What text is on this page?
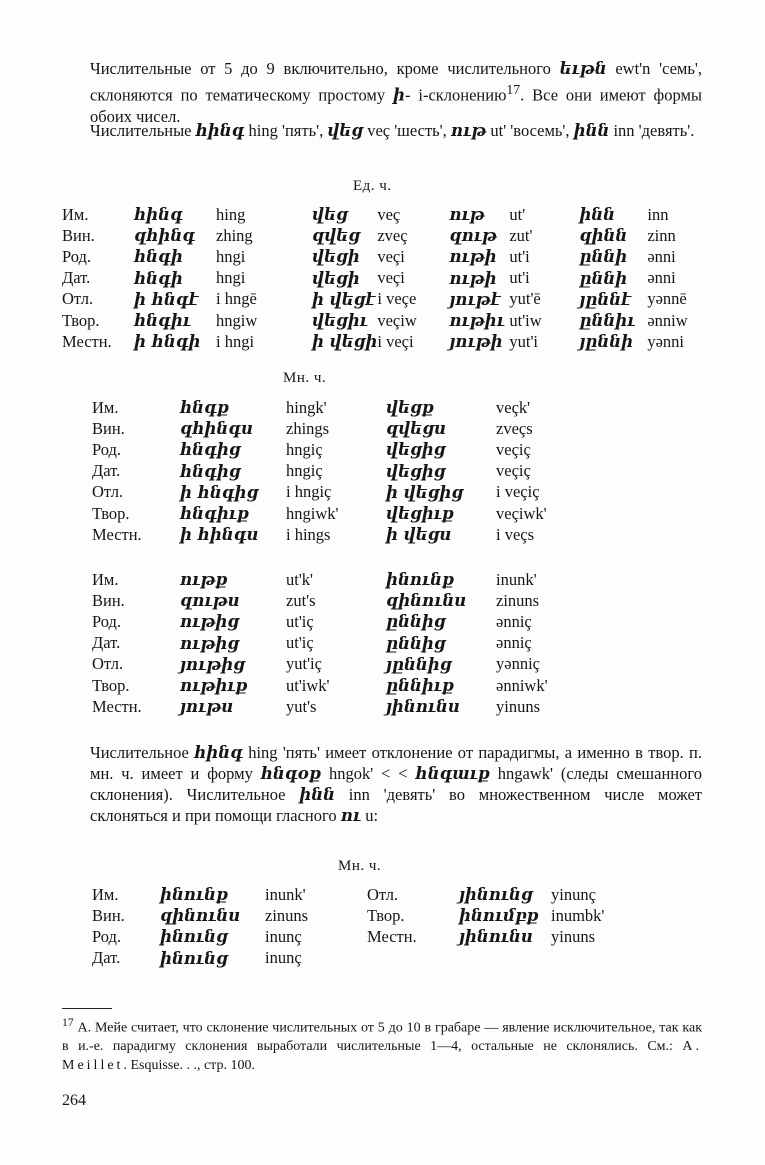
Числительные от 5 до 9 включительно, кроме числительного եւթն ewt'n 'семь', склоняются по тематическому простому ի- i-склонению$^{17}$. Все они имеют формы обоих чисел.

Числительные հինգ hing 'пять', վեց veç 'шесть', ութ ut' 'восемь', ինն inn 'девять'.

Ед. ч.
Им.	հինգ	hing	վեց	veç	ութ	ut'	ինն	inn
Вин.	զհինգ	zhing	զվեց	zveç	զութ	zut'	զինն	zinn
Род.	հնգի	hngi	վեցի	veçi	ութի	ut'i	ըննի	ənni
Дат.	հնգի	hngi	վեցի	veçi	ութի	ut'i	ըննի	ənni
Отл.	ի հնգէ	i hngē	ի վեցէ	i veçe	յութէ	yut'ē	յըննէ	yənnē
Твор.	հնգիւ	hngiw	վեցիւ	veçiw	ութիւ	ut'iw	ըննիւ	ənniw
Местн.	ի հնգի	i hngi	ի վեցի	i veçi	յութի	yut'i	յըննի	yənni
Мн. ч.
Им.	հնգք	hingk'	վեցք	veçk'
Вин.	զհինգս	zhings	զվեցս	zveçs
Род.	հնգից	hngiç	վեցից	veçiç
Дат.	հնգից	hngiç	վեցից	veçiç
Отл.	ի հնգից	i hngiç	ի վեցից	i veçiç
Твор.	հնգիւք	hngiwk'	վեցիւք	veçiwk'
Местн.	ի հինգս	i hings	ի վեցս	i veçs
Им.	ութք	ut'k'	ինունք	inunk'
Вин.	զութս	zut's	զինունս	zinuns
Род.	ութից	ut'iç	ըննից	ənniç
Дат.	ութից	ut'iç	ըննից	ənniç
Отл.	յութից	yut'iç	յըննից	yənniç
Твор.	ութիւք	ut'iwk'	ըննիւք	ənniwk'
Местн.	յութս	yut's	յինունս	yinuns

Числительное հինգ hing 'пять' имеет отклонение от парадигмы, а именно в твор. п. мн. ч. имеет и форму հնգօք hngok' < < հնգաւք hngawk' (следы смешанного склонения). Числительное ինն inn 'девять' во множественном числе может склоняться и при помощи гласного ու u:

Мн. ч.
Им.	ինունք	inunk'	Отл.	յինունց	yinunç
Вин.	զինունս	zinuns	Твор.	ինումբք	inumbk'
Род.	ինունց	inunç	Местн.	յինունս	yinuns
Дат.	ինունց	inunç			

$^{17}$ А. Мейе считает, что склонение числительных от 5 до 10 в грабаре — явление исключительное, так как в и.-е. парадигму склонения выработали числительные 1—4, остальные не склонялись. См.: A. Meillet. Esquisse. . ., стр. 100.

264
